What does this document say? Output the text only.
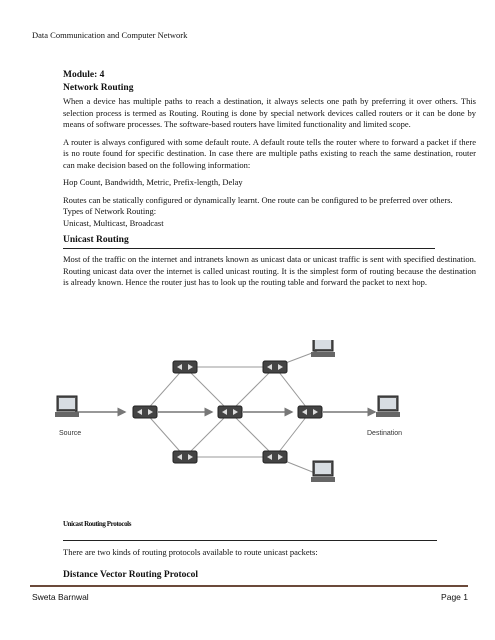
Data Communication and Computer Network
Module: 4
Network Routing
When a device has multiple paths to reach a destination, it always selects one path by preferring it over others. This selection process is termed as Routing. Routing is done by special network devices called routers or it can be done by means of software processes. The software-based routers have limited functionality and limited scope.
A router is always configured with some default route. A default route tells the router where to forward a packet if there is no route found for specific destination. In case there are multiple paths existing to reach the same destination, router can make decision based on the following information:
Hop Count, Bandwidth, Metric, Prefix-length, Delay
Routes can be statically configured or dynamically learnt. One route can be configured to be preferred over others.
Types of Network Routing:
Unicast, Multicast, Broadcast
Unicast Routing
Most of the traffic on the internet and intranets known as unicast data or unicast traffic is sent with specified destination. Routing unicast data over the internet is called unicast routing. It is the simplest form of routing because the destination is already known. Hence the router just has to look up the routing table and forward the packet to next hop.
Source	Destination
Unicast Routing Protocols
There are two kinds of routing protocols available to route unicast packets:
Distance Vector Routing Protocol
Sweta Barnwal	Page 1
